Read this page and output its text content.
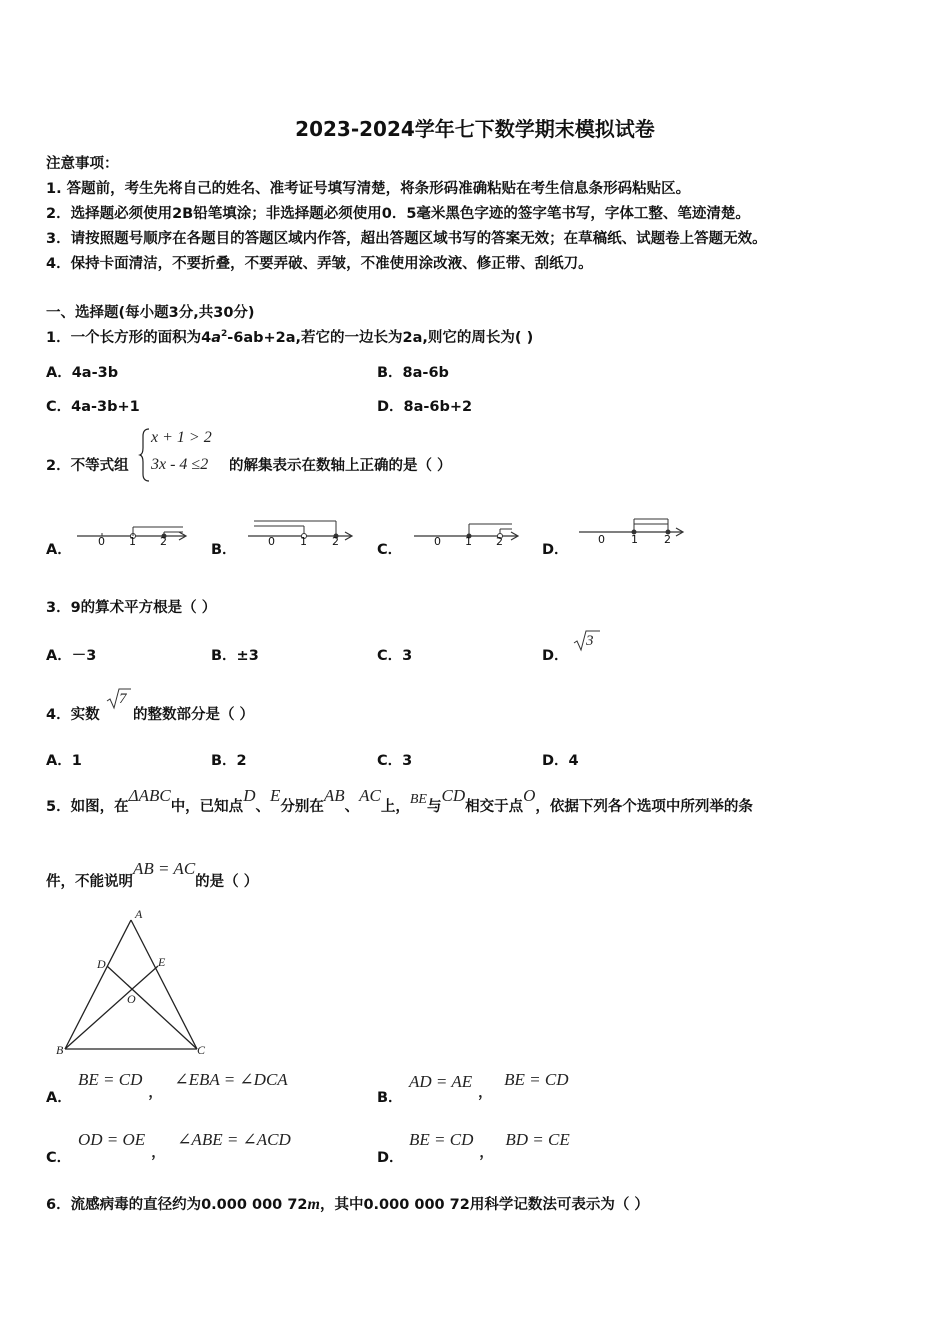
2023-2024学年七下数学期末模拟试卷
注意事项：
1. 答题前，考生先将自己的姓名、准考证号填写清楚，将条形码准确粘贴在考生信息条形码粘贴区。
2．选择题必须使用2B铅笔填涂；非选择题必须使用0．5毫米黑色字迹的签字笔书写，字体工整、笔迹清楚。
3．请按照题号顺序在各题目的答题区域内作答，超出答题区域书写的答案无效；在草稿纸、试题卷上答题无效。
4．保持卡面清洁，不要折叠，不要弄破、弄皱，不准使用涂改液、修正带、刮纸刀。
一、选择题(每小题3分,共30分)
1．一个长方形的面积为$4a^2-6ab+2a$,若它的一边长为2a,则它的周长为( )
A．4a-3b	B．8a-6b
C．4a-3b+1	D．8a-6b+2
2．不等式组
x + 1 > 2
3x - 4 ≤2 的解集表示在数轴上正确的是（ ）
A．	B．	C．	D．
0 1 2	0 1 2	0 1 2	0 1 2
3．9的算术平方根是（ ）
A．－3	B．±3	C．3	D．
3
4．实数
7
的整数部分是（ ）
A．1	B．2	C．3	D．4
5．如图，在ΔABC中，已知点D、E分别在AB、AC上，BE与CD相交于点O，依据下列各个选项中所列举的条
件，不能说明AB = AC的是（ ）
A
D	E
O
B	C
A．
BE = $CD_,\angle EBA$ = ∠DCA
B．
AD = $AE_,BE$ = CD
C．
OD = $OE_,\angle ABE$ = ∠ACD
D．
BE = $CD_,BD$ = CE
6．流感病毒的直径约为0.000 000 72m，其中0.000 000 72用科学记数法可表示为（ ）
